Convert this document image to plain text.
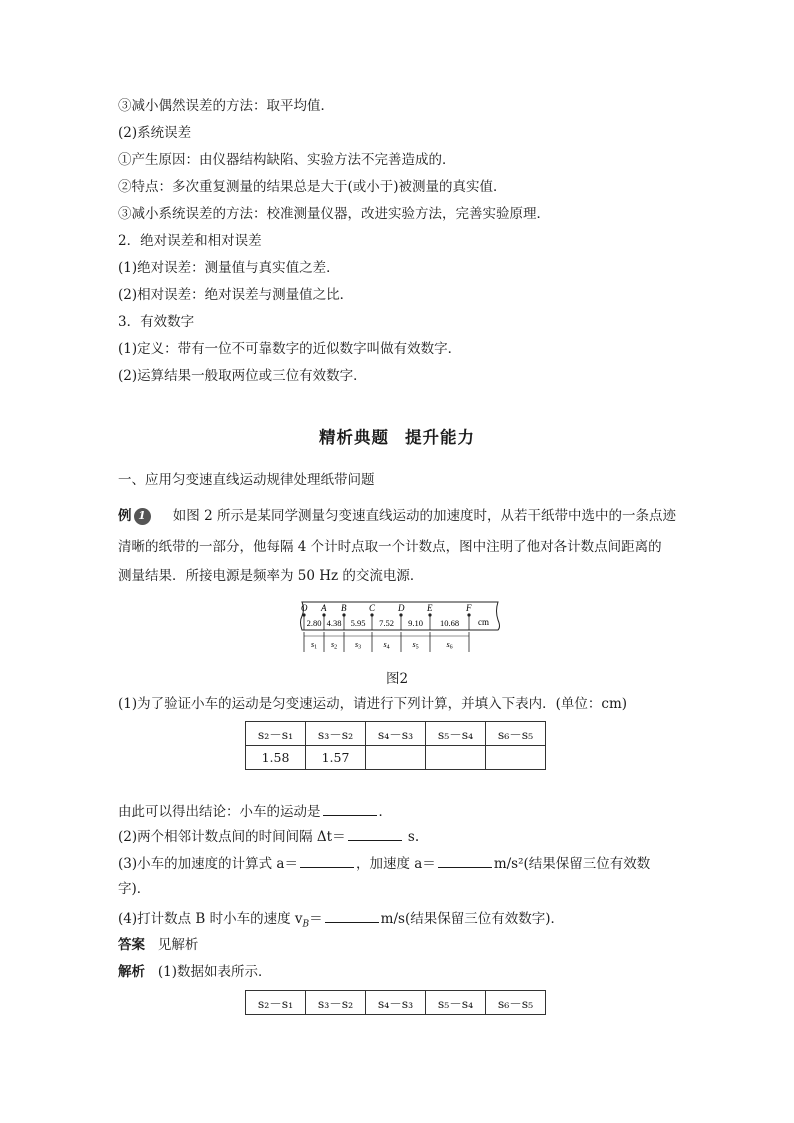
③减小偶然误差的方法：取平均值．

(2)系统误差

①产生原因：由仪器结构缺陷、实验方法不完善造成的．

②特点：多次重复测量的结果总是大于(或小于)被测量的真实值．

③减小系统误差的方法：校准测量仪器，改进实验方法，完善实验原理．

2．绝对误差和相对误差

(1)绝对误差：测量值与真实值之差．

(2)相对误差：绝对误差与测量值之比．

3．有效数字

(1)定义：带有一位不可靠数字的近似数字叫做有效数字．

(2)运算结果一般取两位或三位有效数字．

精析典题 提升能力

一、应用匀变速直线运动规律处理纸带问题

例 1	如图 2 所示是某同学测量匀变速直线运动的加速度时，从若干纸带中选中的一条点迹

清晰的纸带的一部分，他每隔 4 个计时点取一个计数点，图中注明了他对各计数点间距离的

测量结果．所接电源是频率为 50 Hz 的交流电源．

O A B	C	D	E	F
2.80 4.38 5.95 7.52 9.10 10.68
s1 s2 s3	s4	s5	s6
cm

图2

(1)为了验证小车的运动是匀变速运动，请进行下列计算，并填入下表内．(单位：cm)

s₂－s₁	s₃－s₂	s₄－s₃	s₅－s₄	s₆－s₅
1.58	1.57			

由此可以得出结论：小车的运动是	．

(2)两个相邻计数点间的时间间隔 Δt＝	s.

(3)小车的加速度的计算式 a＝	，加速度 a＝	m/s²(结果保留三位有效数

字)．

(4)打计数点 B 时小车的速度 $v_B=$	m/s(结果保留三位有效数字)．

答案 见解析

解析 (1)数据如表所示．

s₂－s₁	s₃－s₂	s₄－s₃	s₅－s₄	s₆－s₅
